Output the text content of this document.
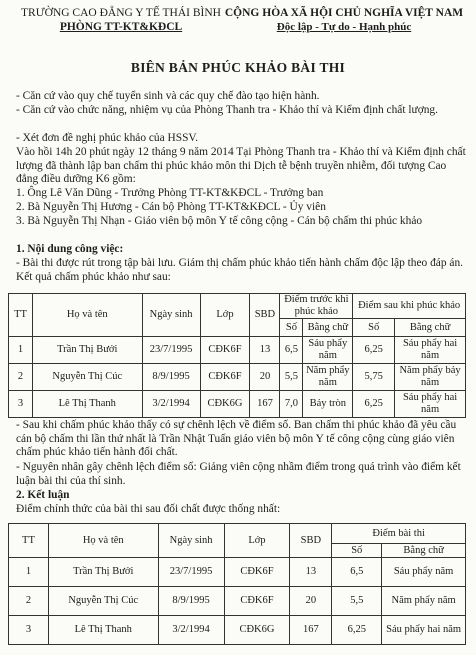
TRƯỜNG CAO ĐẲNG Y TẾ THÁI BÌNH
PHÒNG TT-KT&KĐCL
CỘNG HÒA XÃ HỘI CHỦ NGHĨA VIỆT NAM
Độc lập - Tự do - Hạnh phúc
BIÊN BẢN PHÚC KHẢO BÀI THI
- Căn cứ vào quy chế tuyển sinh và các quy chế đào tạo hiện hành.
- Căn cứ vào chức năng, nhiệm vụ của Phòng Thanh tra - Khảo thí và Kiểm định chất lượng.
- Xét đơn đề nghị phúc khảo của HSSV.
Vào hồi 14h 20 phút ngày 12 tháng 9 năm 2014 Tại Phòng Thanh tra - Khảo thí và Kiểm định chất lượng đã thành lập ban chấm thi phúc khảo môn thi Dịch tễ bệnh truyền nhiễm, đối tượng Cao đẳng điều dưỡng K6 gồm:
1. Ông Lê Văn Dũng - Trưởng Phòng TT-KT&KĐCL - Trưởng ban
2. Bà Nguyễn Thị Hương - Cán bộ Phòng TT-KT&KĐCL - Ủy viên
3. Bà Nguyễn Thị Nhạn - Giáo viên bộ môn Y tế công cộng - Cán bộ chấm thi phúc khảo
1. Nội dung công việc:
- Bài thi được rút trong tập bài lưu. Giám thị chấm phúc khảo tiến hành chấm độc lập theo đáp án. Kết quả chấm phúc khảo như sau:
TT	Họ và tên	Ngày sinh	Lớp	SBD	Điểm trước khi phúc khảo		Điểm sau khi phúc khảo	
					Số	Bằng chữ	Số	Bằng chữ
1	Trần Thị Bưởi	23/7/1995	CĐK6F	13	6,5	Sáu phẩy năm	6,25	Sáu phẩy hai năm
2	Nguyễn Thị Cúc	8/9/1995	CĐK6F	20	5,5	Năm phẩy năm	5,75	Năm phẩy bảy năm
3	Lê Thị Thanh	3/2/1994	CĐK6G	167	7,0	Bảy tròn	6,25	Sáu phẩy hai năm
- Sau khi chấm phúc khảo thấy có sự chênh lệch về điểm số. Ban chấm thi phúc khảo đã yêu cầu cán bộ chấm thi lần thứ nhất là Trần Nhật Tuấn giáo viên bộ môn Y tế công cộng cùng giáo viên chấm phúc khảo tiến hành đối chất.
- Nguyên nhân gây chênh lệch điểm số: Giảng viên cộng nhầm điểm trong quá trình vào điểm kết luận bài thi của thí sinh.
2. Kết luận
Điểm chính thức của bài thi sau đối chất được thống nhất:
TT	Họ và tên	Ngày sinh	Lớp	SBD	Điểm bài thi	
					Số	Bằng chữ
1	Trần Thị Bưởi	23/7/1995	CĐK6F	13	6,5	Sáu phẩy năm
2	Nguyễn Thị Cúc	8/9/1995	CĐK6F	20	5,5	Năm phẩy năm
3	Lê Thị Thanh	3/2/1994	CĐK6G	167	6,25	Sáu phẩy hai năm
